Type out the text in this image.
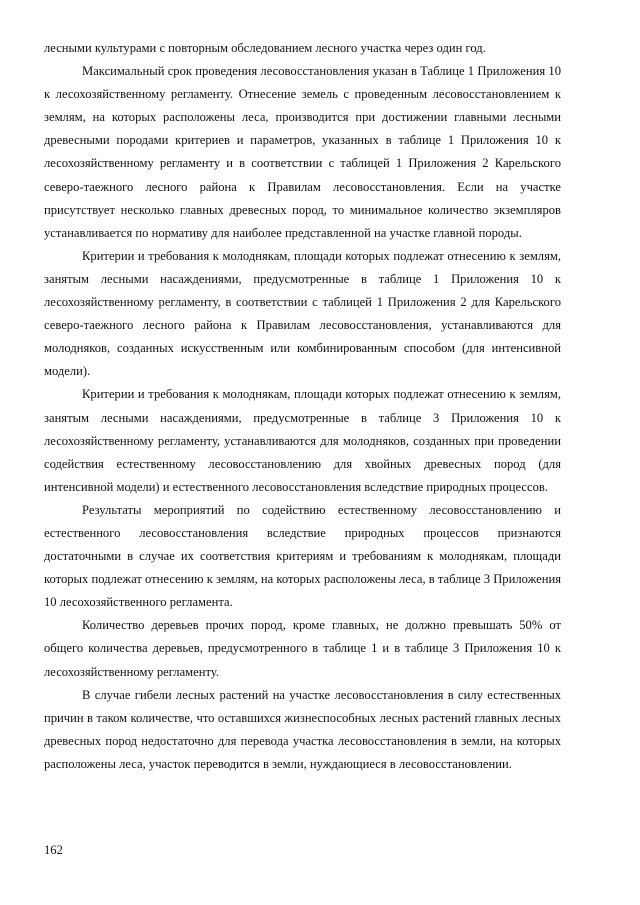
лесными культурами с повторным обследованием лесного участка через один год.

Максимальный срок проведения лесовосстановления указан в Таблице 1 Приложения 10 к лесохозяйственному регламенту. Отнесение земель с проведенным лесовосстановлением к землям, на которых расположены леса, производится при достижении главными лесными древесными породами критериев и параметров, указанных в таблице 1 Приложения 10 к лесохозяйственному регламенту и в соответствии с таблицей 1 Приложения 2 Карельского северо-таежного лесного района к Правилам лесовосстановления. Если на участке присутствует несколько главных древесных пород, то минимальное количество экземпляров устанавливается по нормативу для наиболее представленной на участке главной породы.

Критерии и требования к молоднякам, площади которых подлежат отнесению к землям, занятым лесными насаждениями, предусмотренные в таблице 1 Приложения 10 к лесохозяйственному регламенту, в соответствии с таблицей 1 Приложения 2 для Карельского северо-таежного лесного района к Правилам лесовосстановления, устанавливаются для молодняков, созданных искусственным или комбинированным способом (для интенсивной модели).

Критерии и требования к молоднякам, площади которых подлежат отнесению к землям, занятым лесными насаждениями, предусмотренные в таблице 3 Приложения 10 к лесохозяйственному регламенту, устанавливаются для молодняков, созданных при проведении содействия естественному лесовосстановлению для хвойных древесных пород (для интенсивной модели) и естественного лесовосстановления вследствие природных процессов.

Результаты мероприятий по содействию естественному лесовосстановлению и естественного лесовосстановления вследствие природных процессов признаются достаточными в случае их соответствия критериям и требованиям к молоднякам, площади которых подлежат отнесению к землям, на которых расположены леса, в таблице 3 Приложения 10 лесохозяйственного регламента.

Количество деревьев прочих пород, кроме главных, не должно превышать 50% от общего количества деревьев, предусмотренного в таблице 1 и в таблице 3 Приложения 10 к лесохозяйственному регламенту.

В случае гибели лесных растений на участке лесовосстановления в силу естественных причин в таком количестве, что оставшихся жизнеспособных лесных растений главных лесных древесных пород недостаточно для перевода участка лесовосстановления в земли, на которых расположены леса, участок переводится в земли, нуждающиеся в лесовосстановлении.

162
